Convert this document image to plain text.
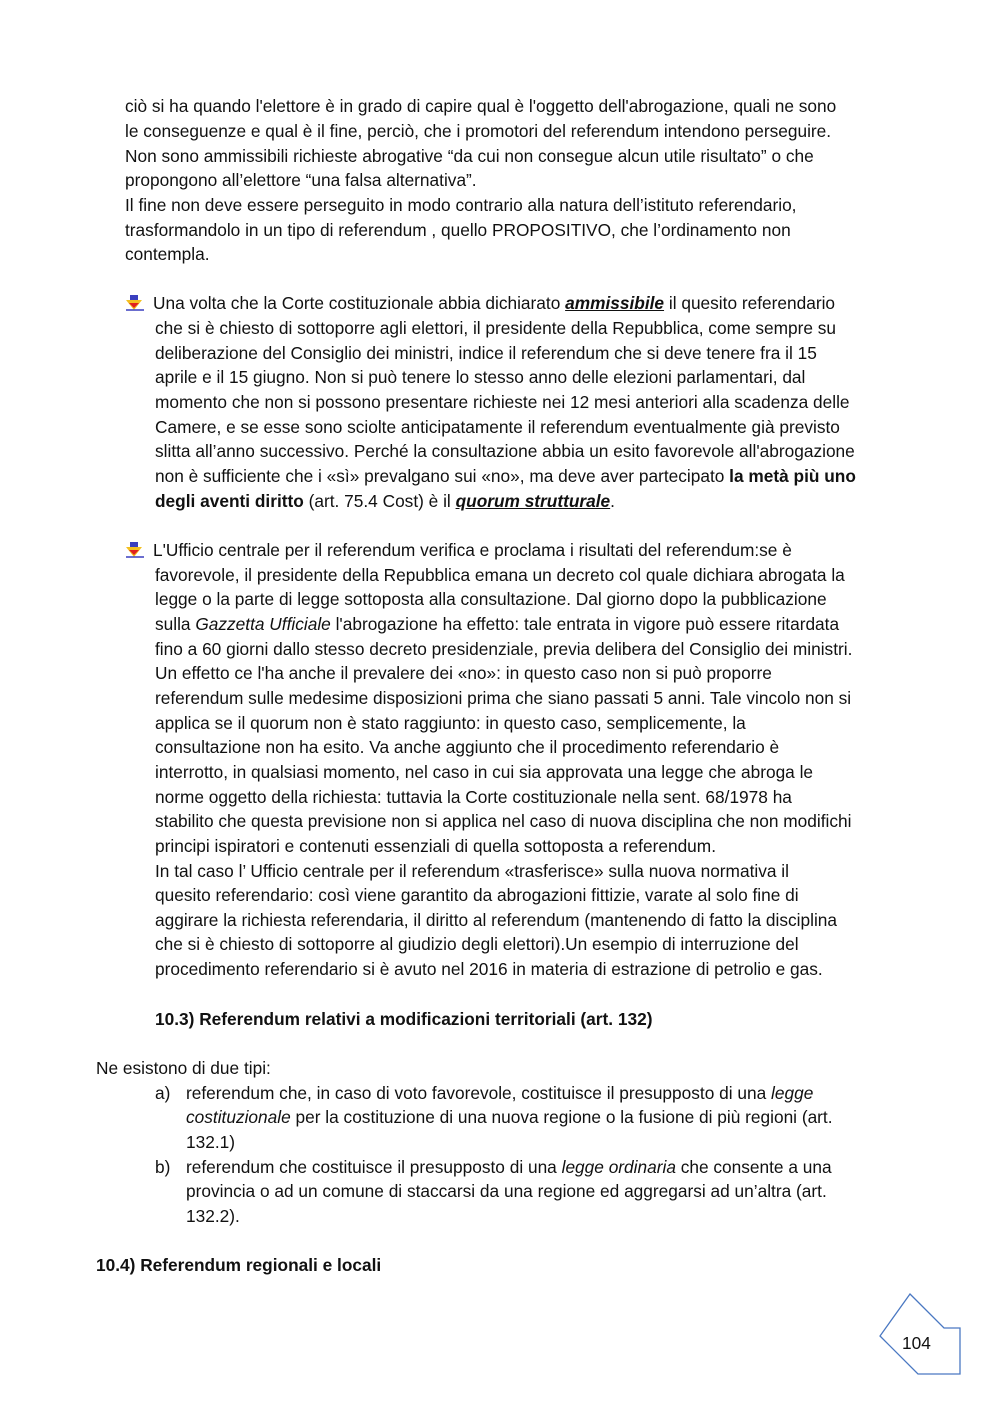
ciò si ha quando l'elettore è in grado di capire qual è l'oggetto dell'abrogazione, quali ne sono
le conseguenze e qual è il fine, perciò, che i promotori del referendum intendono perseguire.
Non sono ammissibili richieste abrogative “da cui non consegue alcun utile risultato” o che
propongono all’elettore “una falsa alternativa”.
Il fine non deve essere perseguito in modo contrario alla natura dell’istituto referendario,
trasformandolo in un tipo di referendum , quello PROPOSITIVO, che l’ordinamento non
contempla.
Una volta che la Corte costituzionale abbia dichiarato ammissibile il quesito referendario
che si è chiesto di sottoporre agli elettori, il presidente della Repubblica, come sempre su
deliberazione del Consiglio dei ministri, indice il referendum che si deve tenere fra il 15
aprile e il 15 giugno. Non si può tenere lo stesso anno delle elezioni parlamentari, dal
momento che non si possono presentare richieste nei 12 mesi anteriori alla scadenza delle
Camere, e se esse sono sciolte anticipatamente il referendum eventualmente già previsto
slitta all’anno successivo. Perché la consultazione abbia un esito favorevole all'abrogazione
non è sufficiente che i «sì» prevalgano sui «no», ma deve aver partecipato la metà più uno
degli aventi diritto (art. 75.4 Cost) è il quorum strutturale.
L'Ufficio centrale per il referendum verifica e proclama i risultati del referendum:se è
favorevole, il presidente della Repubblica emana un decreto col quale dichiara abrogata la
legge o la parte di legge sottoposta alla consultazione. Dal giorno dopo la pubblicazione
sulla Gazzetta Ufficiale l'abrogazione ha effetto: tale entrata in vigore può essere ritardata
fino a 60 giorni dallo stesso decreto presidenziale, previa delibera del Consiglio dei ministri.
Un effetto ce l'ha anche il prevalere dei «no»: in questo caso non si può proporre
referendum sulle medesime disposizioni prima che siano passati 5 anni. Tale vincolo non si
applica se il quorum non è stato raggiunto: in questo caso, semplicemente, la
consultazione non ha esito. Va anche aggiunto che il procedimento referendario è
interrotto, in qualsiasi momento, nel caso in cui sia approvata una legge che abroga le
norme oggetto della richiesta: tuttavia la Corte costituzionale nella sent. 68/1978 ha
stabilito che questa previsione non si applica nel caso di nuova disciplina che non modifichi
principi ispiratori e contenuti essenziali di quella sottoposta a referendum.
In tal caso l’ Ufficio centrale per il referendum «trasferisce» sulla nuova normativa il
quesito referendario: così viene garantito da abrogazioni fittizie, varate al solo fine di
aggirare la richiesta referendaria, il diritto al referendum (mantenendo di fatto la disciplina
che si è chiesto di sottoporre al giudizio degli elettori).Un esempio di interruzione del
procedimento referendario si è avuto nel 2016 in materia di estrazione di petrolio e gas.
10.3) Referendum relativi a modificazioni territoriali (art. 132)
Ne esistono di due tipi:
a) referendum che, in caso di voto favorevole, costituisce il presupposto di una legge
costituzionale per la costituzione di una nuova regione o la fusione di più regioni (art.
132.1)
b) referendum che costituisce il presupposto di una legge ordinaria che consente a una
provincia o ad un comune di staccarsi da una regione ed aggregarsi ad un’altra (art.
132.2).
10.4) Referendum regionali e locali
104
